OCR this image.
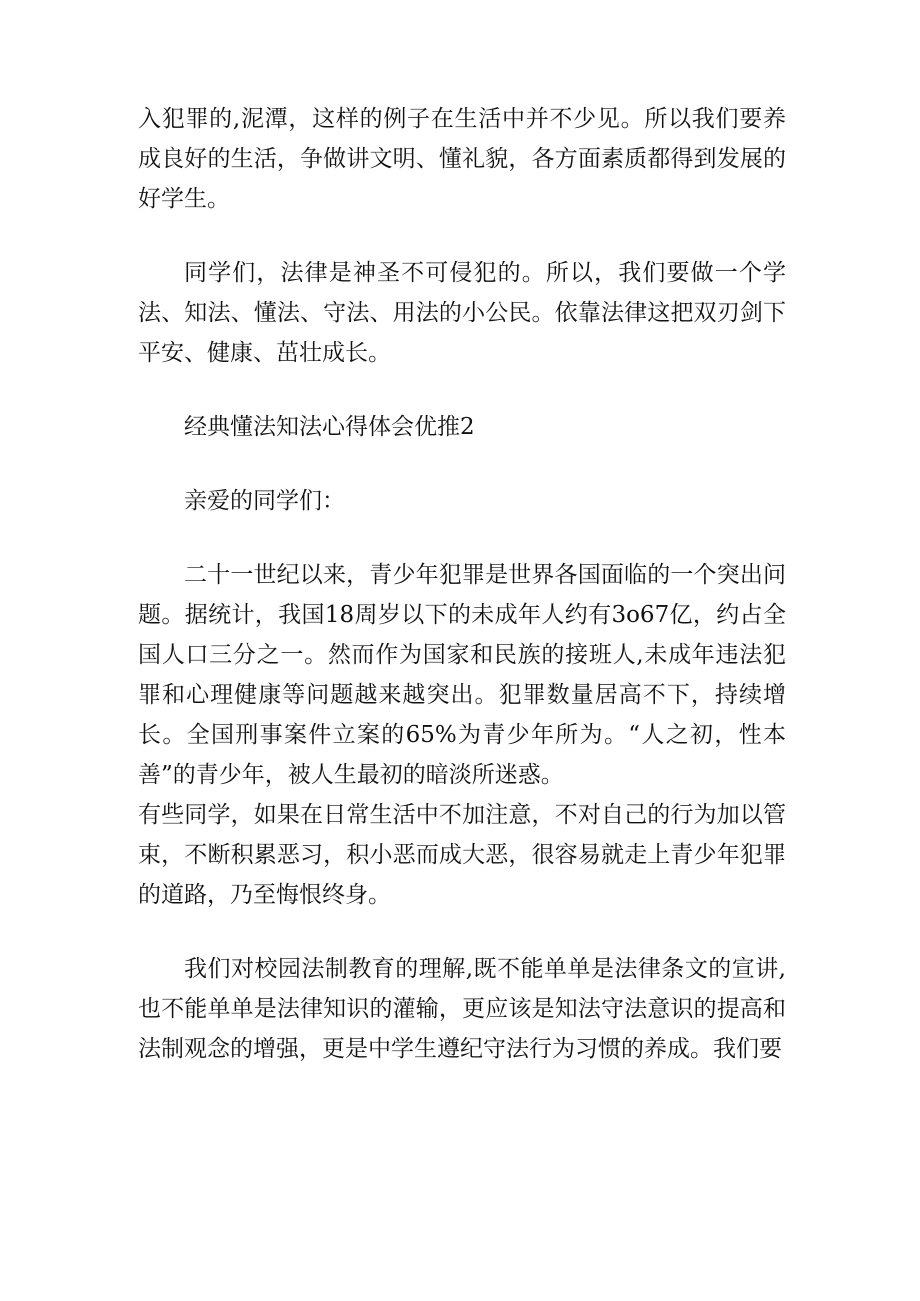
入犯罪的,泥潭，这样的例子在生活中并不少见。所以我们要养成良好的生活，争做讲文明、懂礼貌，各方面素质都得到发展的好学生。

同学们，法律是神圣不可侵犯的。所以，我们要做一个学法、知法、懂法、守法、用法的小公民。依靠法律这把双刃剑下平安、健康、茁壮成长。

经典懂法知法心得体会优推2

亲爱的同学们：

二十一世纪以来，青少年犯罪是世界各国面临的一个突出问题。据统计，我国18周岁以下的未成年人约有3o67亿，约占全国人口三分之一。然而作为国家和民族的接班人,未成年违法犯罪和心理健康等问题越来越突出。犯罪数量居高不下，持续增长。全国刑事案件立案的65%为青少年所为。“人之初，性本善”的青少年，被人生最初的暗淡所迷惑。

有些同学，如果在日常生活中不加注意，不对自己的行为加以管束，不断积累恶习，积小恶而成大恶，很容易就走上青少年犯罪的道路，乃至悔恨终身。

我们对校园法制教育的理解,既不能单单是法律条文的宣讲,也不能单单是法律知识的灌输，更应该是知法守法意识的提高和法制观念的增强，更是中学生遵纪守法行为习惯的养成。我们要
